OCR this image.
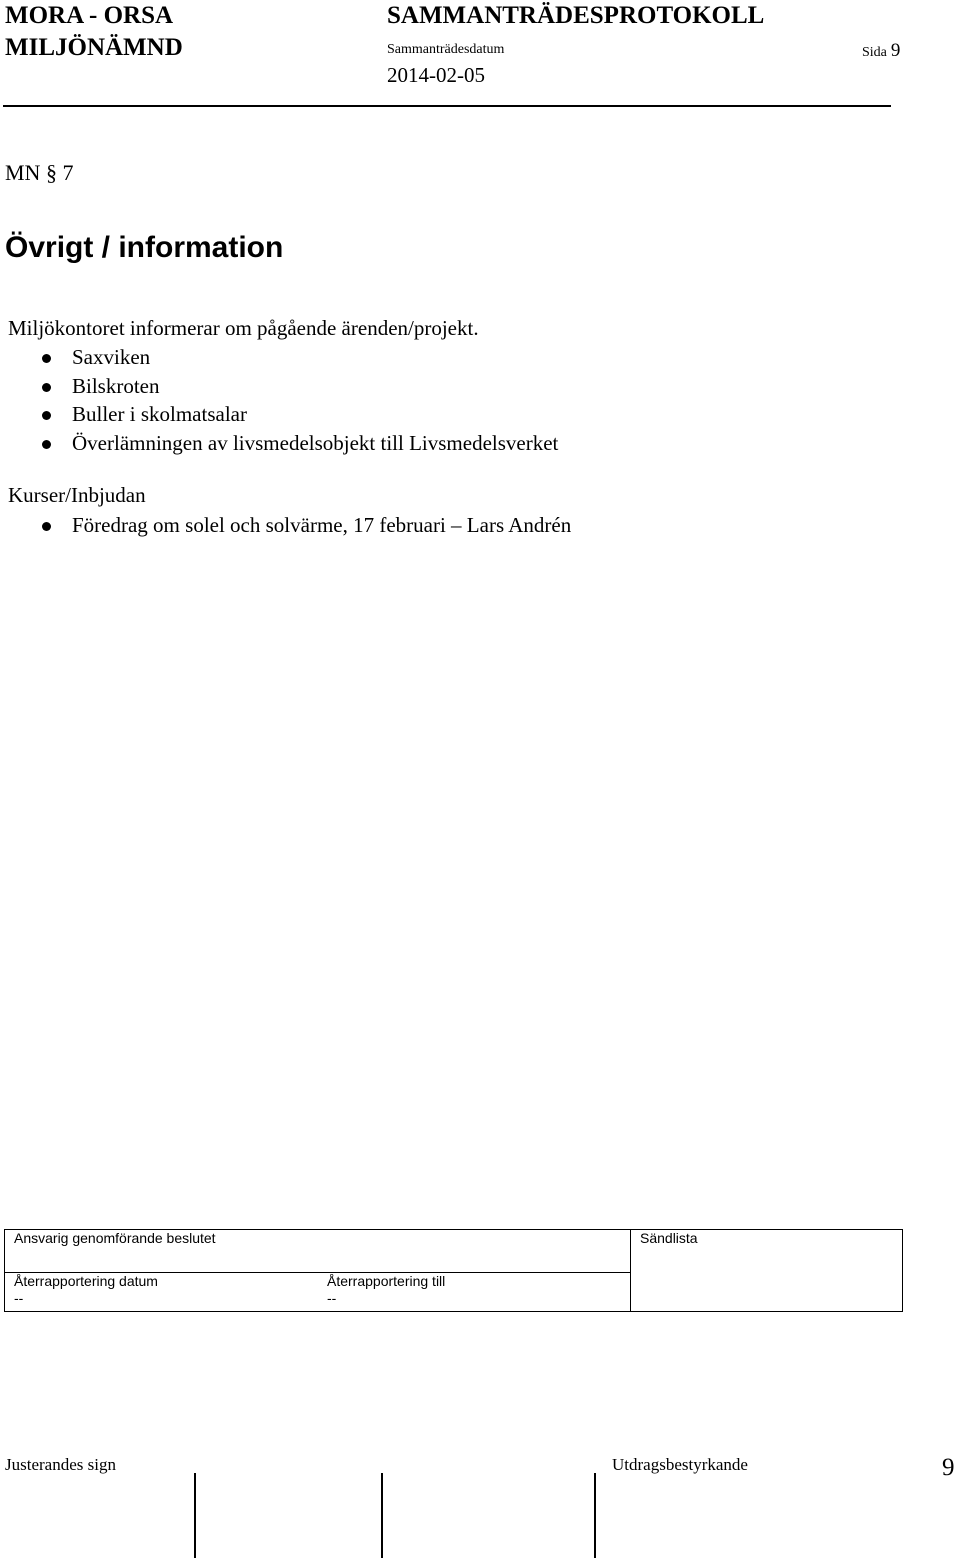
MORA - ORSA
MILJÖNÄMND
SAMMANTRÄDESPROTOKOLL
Sammanträdesdatum
2014-02-05
Sida 9
MN § 7
Övrigt / information
Miljökontoret informerar om pågående ärenden/projekt.
Saxviken
Bilskroten
Buller i skolmatsalar
Överlämningen av livsmedelsobjekt till Livsmedelsverket
Kurser/Inbjudan
Föredrag om solel och solvärme, 17 februari – Lars Andrén
Ansvarig genomförande beslutet	Sändlista
Återrapportering datum
--
Återrapportering till
--
Justerandes sign	Utdragsbestyrkande	9
